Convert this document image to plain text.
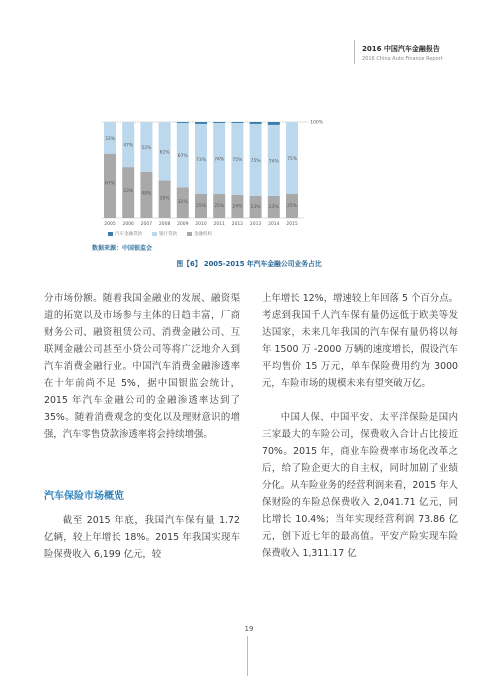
2016 中国汽车金融报告
2016 China Auto Finance Report
67%
33%
2005
53%
47%
2006
48%
52%
2007
39%
61%
2008
32%
67%
2009
25%
73%
2010
25%
74%
2011
24%
75%
2012
23%
75%
2013
23%
74%
2014
25%
75%
2015
100%
汽车金融贷款	银行贷款	金融机构
数据来源：中国银监会
图【6】 2005-2015 年汽车金融公司业务占比

分市场份额。随着我国金融业的发展、融资渠道的拓宽以及市场参与主体的日趋丰富，厂商财务公司、融资租赁公司、消费金融公司、互联网金融公司甚至小贷公司等将广泛地介入到汽车消费金融行业。中国汽车消费金融渗透率在十年前尚不足 5%，据中国银监会统计，2015 年汽车金融公司的金融渗透率达到了 35%。随着消费观念的变化以及理财意识的增强，汽车零售贷款渗透率将会持续增强。

汽车保险市场概览

截至 2015 年底，我国汽车保有量 1.72 亿辆，较上年增长 18%。2015 年我国实现车险保费收入 6,199 亿元，较

上年增长 12%，增速较上年回落 5 个百分点。考虑到我国千人汽车保有量仍远低于欧美等发达国家，未来几年我国的汽车保有量仍将以每年 1500 万 -2000 万辆的速度增长，假设汽车平均售价 15 万元，单车保险费用约为 3000 元，车险市场的规模未来有望突破万亿。

中国人保、中国平安、太平洋保险是国内三家最大的车险公司，保费收入合计占比接近 70%。2015 年，商业车险费率市场化改革之后，给了险企更大的自主权，同时加剧了业绩分化。从车险业务的经营利润来看，2015 年人保财险的车险总保费收入 2,041.71 亿元，同比增长 10.4%；当年实现经营利润 73.86 亿元，创下近七年的最高值。平安产险实现车险保费收入 1,311.17 亿

19
